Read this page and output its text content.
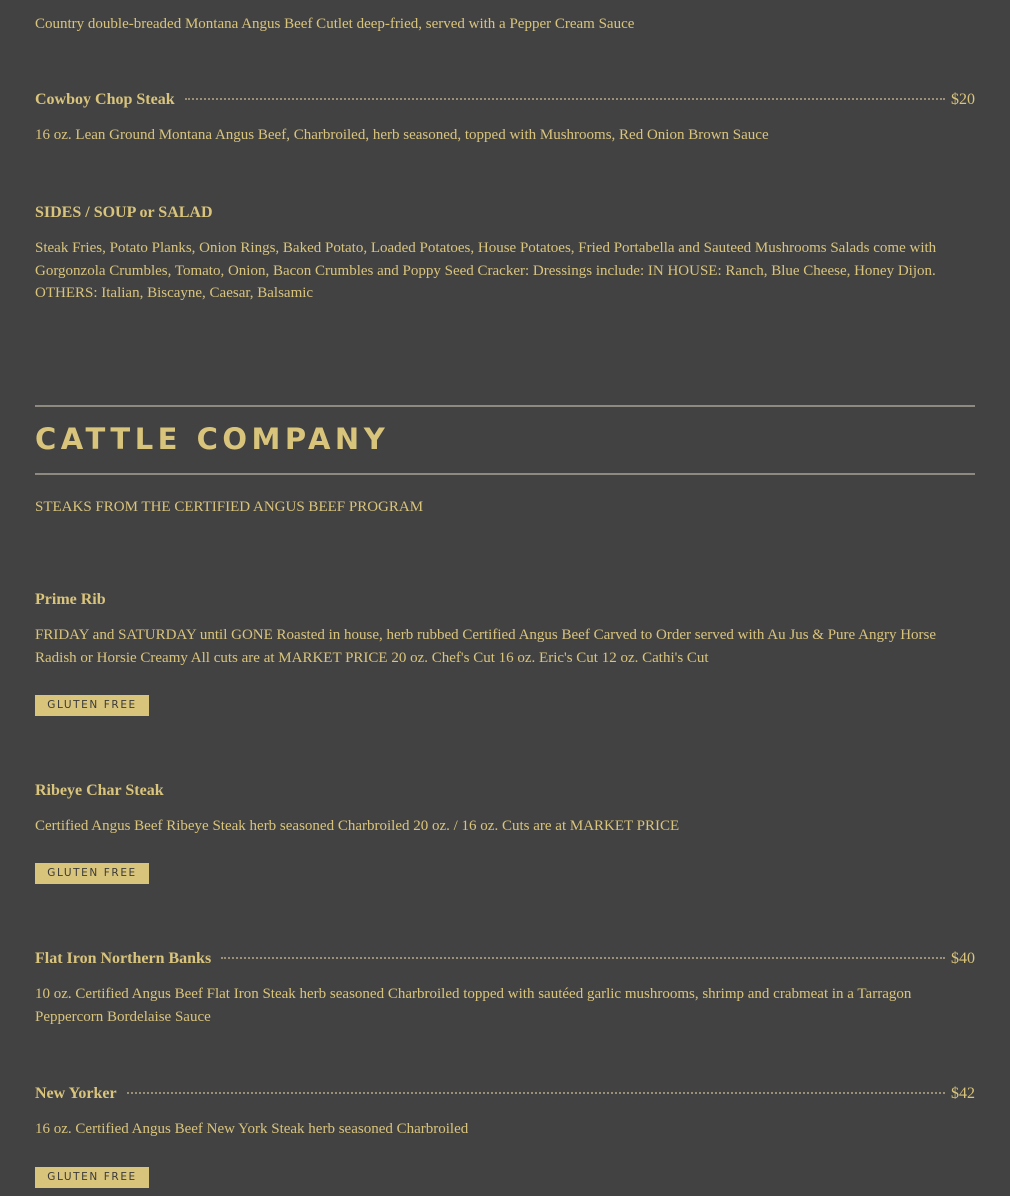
Country double-breaded Montana Angus Beef Cutlet deep-fried, served with a Pepper Cream Sauce

Cowboy Chop Steak	$20

16 oz. Lean Ground Montana Angus Beef, Charbroiled, herb seasoned, topped with Mushrooms, Red Onion Brown Sauce

SIDES / SOUP or SALAD

Steak Fries, Potato Planks, Onion Rings, Baked Potato, Loaded Potatoes, House Potatoes, Fried Portabella and Sauteed Mushrooms Salads come with Gorgonzola Crumbles, Tomato, Onion, Bacon Crumbles and Poppy Seed Cracker: Dressings include: IN HOUSE: Ranch, Blue Cheese, Honey Dijon. OTHERS: Italian, Biscayne, Caesar, Balsamic

CATTLE COMPANY
STEAKS FROM THE CERTIFIED ANGUS BEEF PROGRAM
Prime Rib

FRIDAY and SATURDAY until GONE Roasted in house, herb rubbed Certified Angus Beef Carved to Order served with Au Jus & Pure Angry Horse Radish or Horsie Creamy All cuts are at MARKET PRICE 20 oz. Chef's Cut 16 oz. Eric's Cut 12 oz. Cathi's Cut

GLUTEN FREE
Ribeye Char Steak

Certified Angus Beef Ribeye Steak herb seasoned Charbroiled 20 oz. / 16 oz. Cuts are at MARKET PRICE

GLUTEN FREE
Flat Iron Northern Banks	$40

10 oz. Certified Angus Beef Flat Iron Steak herb seasoned Charbroiled topped with sautéed garlic mushrooms, shrimp and crabmeat in a Tarragon Peppercorn Bordelaise Sauce

New Yorker	$42

16 oz. Certified Angus Beef New York Steak herb seasoned Charbroiled

GLUTEN FREE
